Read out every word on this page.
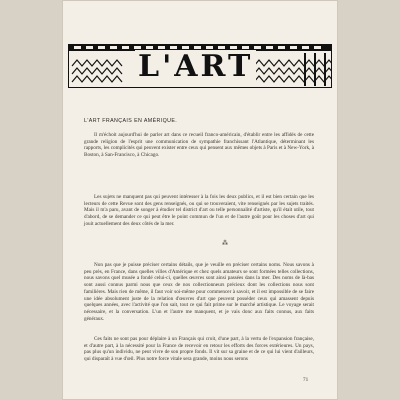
L'ART
L'ART FRANÇAIS EN AMÉRIQUE.
Il m'échoit aujourd'hui de parler art dans ce recueil franco-américain, d'établir entre les affidés de cette grande religion de l'esprit une communication de sympathie franchissant l'Atlantique, déterminant les rapports, les complicités qui peuvent exister entre ceux qui pensent aux mêmes objets à Paris et à New-York, à Boston, à San-Francisco, à Chicago.
Les sujets ne manquent pas qui peuvent intéresser à la fois les deux publics, et il est bien certain que les lecteurs de cette Revue sont des gens renseignés, ou qui se trouveraient, vite renseignés par les sujets traités. Mais il m'a paru, avant de songer à étudier tel district d'art ou telle personnalité d'artiste, qu'il était utile, tout d'abord, de se demander ce qui peut être le point commun de l'un et de l'autre goût pour les choses d'art qui jouit actuellement des deux côtés de la mer.
⁂
Non pas que je puisse préciser certains détails, que je veuille en préciser certains noms. Nous savons à peu près, en France, dans quelles villes d'Amérique et chez quels amateurs se sont formées telles collections, nous savons quel musée a fondé celui-ci, quelles œuvres sont ainsi passées dans la mer. Des noms de là-bas sont aussi connus parmi nous que ceux de nos collectionneurs précieux dont les collections nous sont familières. Mais rien de même, il faut voir soi-même pour commencer à savoir, et il est impossible de se faire une idée absolument juste de la relation d'œuvres d'art que peuvent posséder ceux qui amassent depuis quelques années, avec l'activité que l'on sait, tout ce qui fait prime sur le marché artistique. Le voyage serait nécessaire, et la conversation. L'un et l'autre me manquent, et je vais donc aux faits connus, aux faits généraux.
Ces faits ne sont pas pour déplaire à un Français qui croit, d'une part, à la vertu de l'expansion française, et d'autre part, à la nécessité pour la France de recevoir en retour les efforts des forces extérieures. Un pays, pas plus qu'un individu, ne peut vivre de son propre fonds. Il vit sur sa graine et de ce qui lui vient d'ailleurs, qui disparaît à vue d'œil. Plus notre force vitale sera grande, moins nous serons
71
